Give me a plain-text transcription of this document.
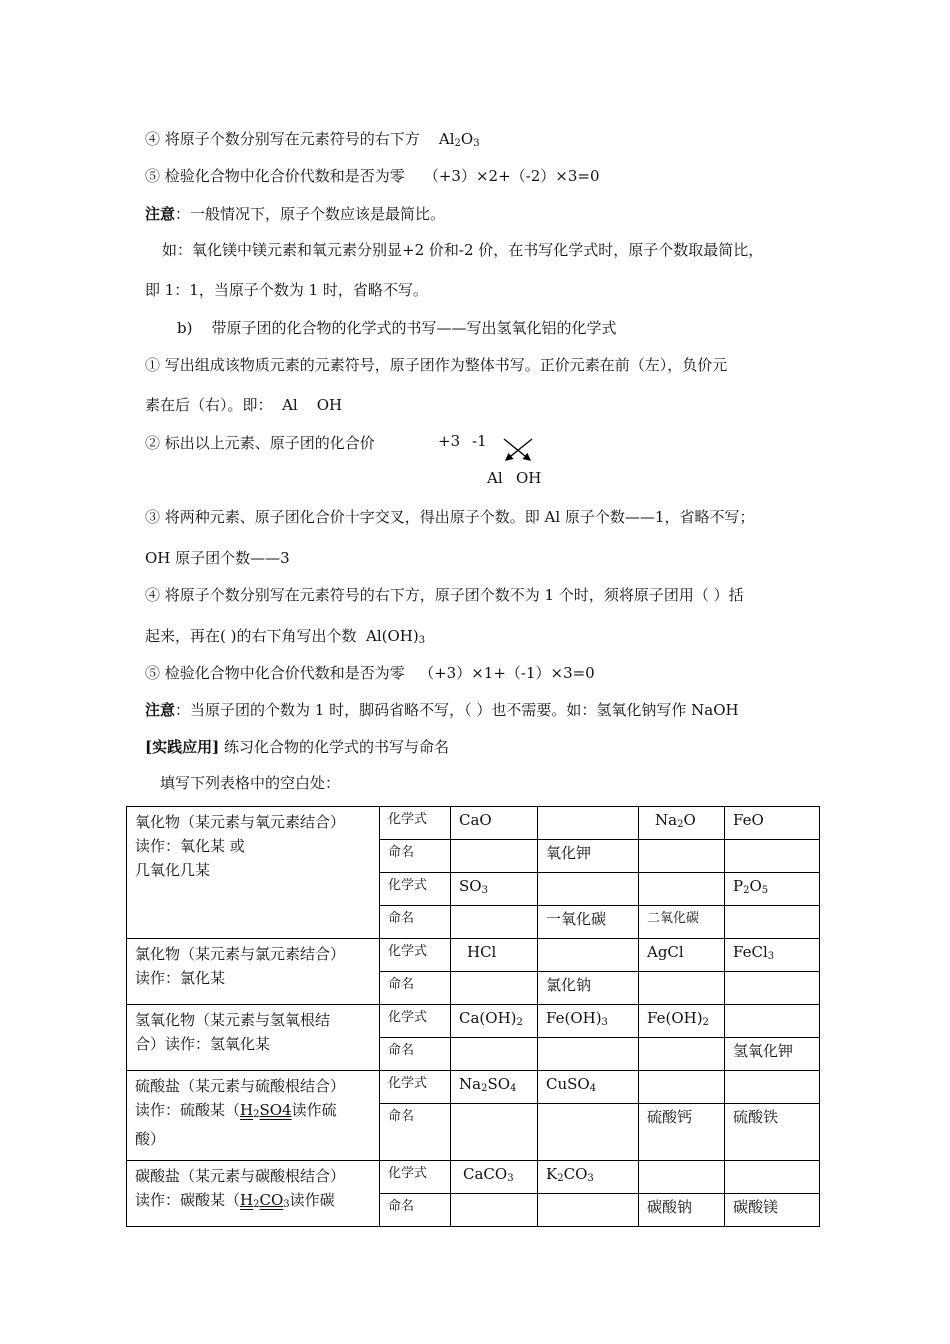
④ 将原子个数分别写在元素符号的右下方 $Al_2O_3$
⑤ 检验化合物中化合价代数和是否为零 （+3）×2+（-2）×3=0
注意：一般情况下，原子个数应该是最简比。
如：氧化镁中镁元素和氧元素分别显+2 价和-2 价，在书写化学式时，原子个数取最简比，
即 1：1，当原子个数为 1 时，省略不写。
b) 带原子团的化合物的化学式的书写——写出氢氧化铝的化学式
① 写出组成该物质元素的元素符号，原子团作为整体书写。正价元素在前（左），负价元
素在后（右）。即： Al    OH
② 标出以上元素、原子团的化合价	+3 -1
Al OH
③ 将两种元素、原子团化合价十字交叉，得出原子个数。即 Al 原子个数——1，省略不写；
OH 原子团个数——3
④ 将原子个数分别写在元素符号的右下方，原子团个数不为 1 个时，须将原子团用（ ）括
起来，再在( )的右下角写出个数 $Al(OH)_3$
⑤ 检验化合物中化合价代数和是否为零 （+3）×1+（-1）×3=0
注意：当原子团的个数为 1 时，脚码省略不写，（ ）也不需要。如：氢氧化钠写作 NaOH
[实践应用] 练习化合物的化学式的书写与命名
填写下列表格中的空白处：
氧化物（某元素与氧元素结合）
读作：氧化某 或
几氧化几某	化学式	CaO		$Na_2O$	FeO
	命名		氧化钾		
	化学式	$SO_3$			$P_2O_5$
	命名		一氧化碳	二氧化碳	

氯化物（某元素与氯元素结合）
读作：氯化某	化学式	HCl		AgCl	FeCl$_3$
	命名		氯化钠		

氢氧化物（某元素与氢氧根结
合）读作：氢氧化某	化学式	$Ca(OH)_2$	$Fe(OH)_3$	$Fe(OH)_2$	
	命名				氢氧化钾

硫酸盐（某元素与硫酸根结合）
读作：硫酸某（$H_2SO4$读作硫
酸）	化学式	$Na_2SO_4$	CuSO$_4$		
	命名			硫酸钙	硫酸铁

碳酸盐（某元素与碳酸根结合）
读作：碳酸某（$H_2CO_3$读作碳	化学式	CaCO$_3$	$K_2CO_3$		
	命名			碳酸钠	碳酸镁
